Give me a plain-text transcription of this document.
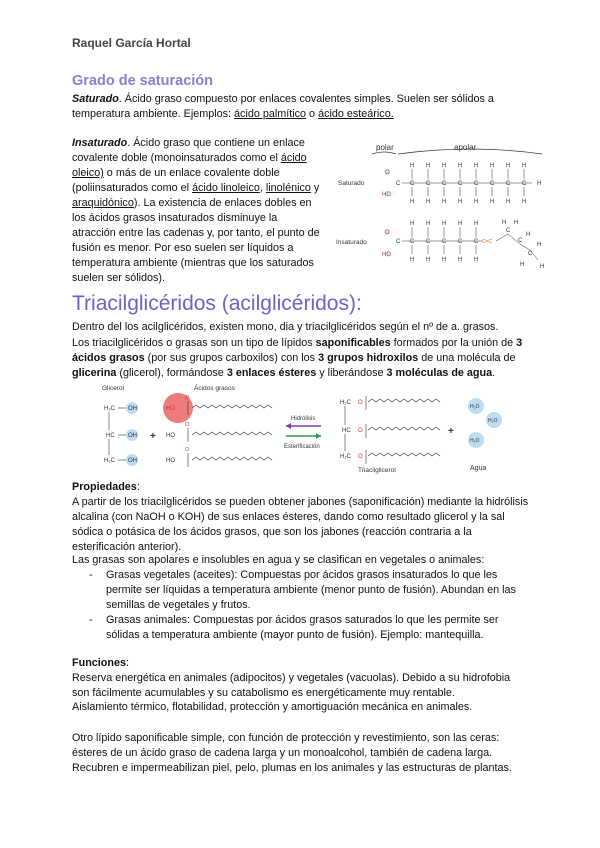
Raquel García Hortal
Grado de saturación
Saturado. Ácido graso compuesto por enlaces covalentes simples. Suelen ser sólidos a temperatura ambiente. Ejemplos: ácido palmítico o ácido esteárico.
Insaturado. Ácido graso que contiene un enlace covalente doble (monoinsaturados como el ácido oleico) o más de un enlace covalente doble (poliinsaturados como el ácido linoleico, linolénico y araquidónico). La existencia de enlaces dobles en los ácidos grasos insaturados disminuye la atracción entre las cadenas y, por tanto, el punto de fusión es menor. Por eso suelen ser líquidos a temperatura ambiente (mientras que los saturados suelen ser sólidos).
polar	apolar
Saturado
Insaturado
O
HO
C C C C C C C C C H
H H H H H H H H
H H H H H H H H
O
HO
C C C C C C C=C
C
C
C
H H H H H
H H H H H
H H
H
H
H	H
Triacilglicéridos (acilglicéridos):
Dentro del los acilglicéridos, existen mono, dia y triacilglicéridos según el nº de a. grasos.
Los triacilglicéridos o grasas son un tipo de lípidos saponificables formados por la unión de 3 ácidos grasos (por sus grupos carboxilos) con los 3 grupos hidroxilos de una molécula de glicerina (glicerol), formándose 3 enlaces ésteres y liberándose 3 moléculas de agua.
Glicerol	Ácidos grasos
H₂C
HC
H₂C
OH
OH
OH
+
HO
HO
HO
O
O
O
Hidrólisis
Esterificación
H₂C
HC
H₂C
O
O
O
Triacilglicerol
+
H₂O
H₂O
H₂O
Agua
Propiedades:
A partir de los triacilglicéridos se pueden obtener jabones (saponificación) mediante la hidrólisis alcalina (con NaOH o KOH) de sus enlaces ésteres, dando como resultado glicerol y la sal sódica o potásica de los ácidos grasos, que son los jabones (reacción contraria a la esterificación anterior).
Las grasas son apolares e insolubles en agua y se clasifican en vegetales o animales:
- Grasas vegetales (aceites): Compuestas por ácidos grasos insaturados lo que les permite ser líquidas a temperatura ambiente (menor punto de fusión). Abundan en las semillas de vegetales y frutos.
- Grasas animales: Compuestas por ácidos grasos saturados lo que les permite ser sólidas a temperatura ambiente (mayor punto de fusión). Ejemplo: mantequilla.
Funciones:
Reserva energética en animales (adipocitos) y vegetales (vacuolas). Debido a su hidrofobia son fácilmente acumulables y su catabolismo es energéticamente muy rentable.
Aislamiento térmico, flotabilidad, protección y amortiguación mecánica en animales.
Otro lípido saponificable simple, con función de protección y revestimiento, son las ceras: ésteres de un ácido graso de cadena larga y un monoalcohol, también de cadena larga. Recubren e impermeabilizan piel, pelo, plumas en los animales y las estructuras de plantas.
